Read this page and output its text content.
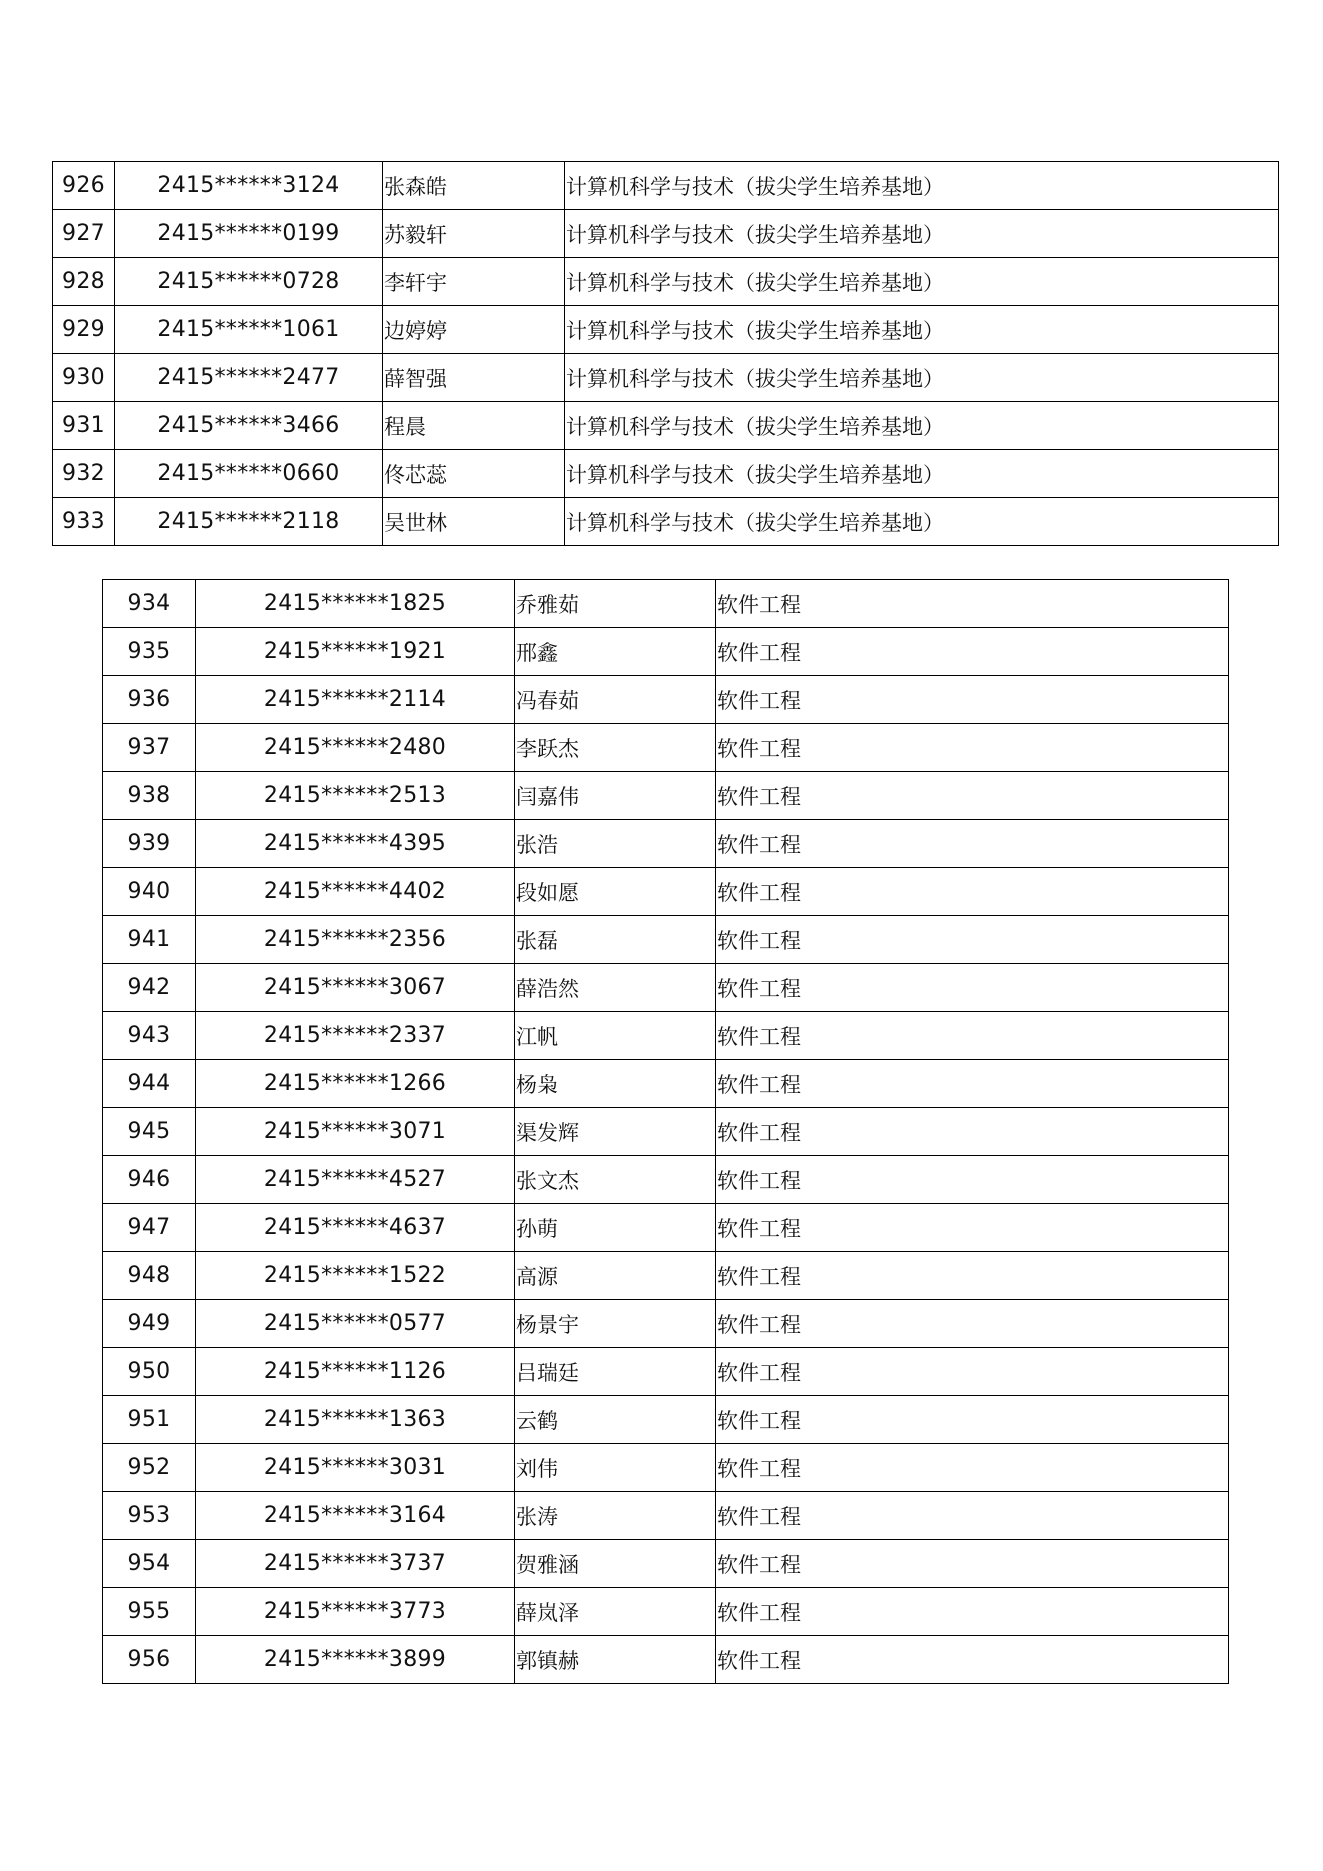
926	2415******3124	张森皓	计算机科学与技术（拔尖学生培养基地）
927	2415******0199	苏毅轩	计算机科学与技术（拔尖学生培养基地）
928	2415******0728	李轩宇	计算机科学与技术（拔尖学生培养基地）
929	2415******1061	边婷婷	计算机科学与技术（拔尖学生培养基地）
930	2415******2477	薛智强	计算机科学与技术（拔尖学生培养基地）
931	2415******3466	程晨	计算机科学与技术（拔尖学生培养基地）
932	2415******0660	佟芯蕊	计算机科学与技术（拔尖学生培养基地）
933	2415******2118	吴世林	计算机科学与技术（拔尖学生培养基地）
934	2415******1825	乔雅茹	软件工程
935	2415******1921	邢鑫	软件工程
936	2415******2114	冯春茹	软件工程
937	2415******2480	李跃杰	软件工程
938	2415******2513	闫嘉伟	软件工程
939	2415******4395	张浩	软件工程
940	2415******4402	段如愿	软件工程
941	2415******2356	张磊	软件工程
942	2415******3067	薛浩然	软件工程
943	2415******2337	江帆	软件工程
944	2415******1266	杨枭	软件工程
945	2415******3071	渠发辉	软件工程
946	2415******4527	张文杰	软件工程
947	2415******4637	孙萌	软件工程
948	2415******1522	高源	软件工程
949	2415******0577	杨景宇	软件工程
950	2415******1126	吕瑞廷	软件工程
951	2415******1363	云鹤	软件工程
952	2415******3031	刘伟	软件工程
953	2415******3164	张涛	软件工程
954	2415******3737	贺雅涵	软件工程
955	2415******3773	薛岚泽	软件工程
956	2415******3899	郭镇赫	软件工程
